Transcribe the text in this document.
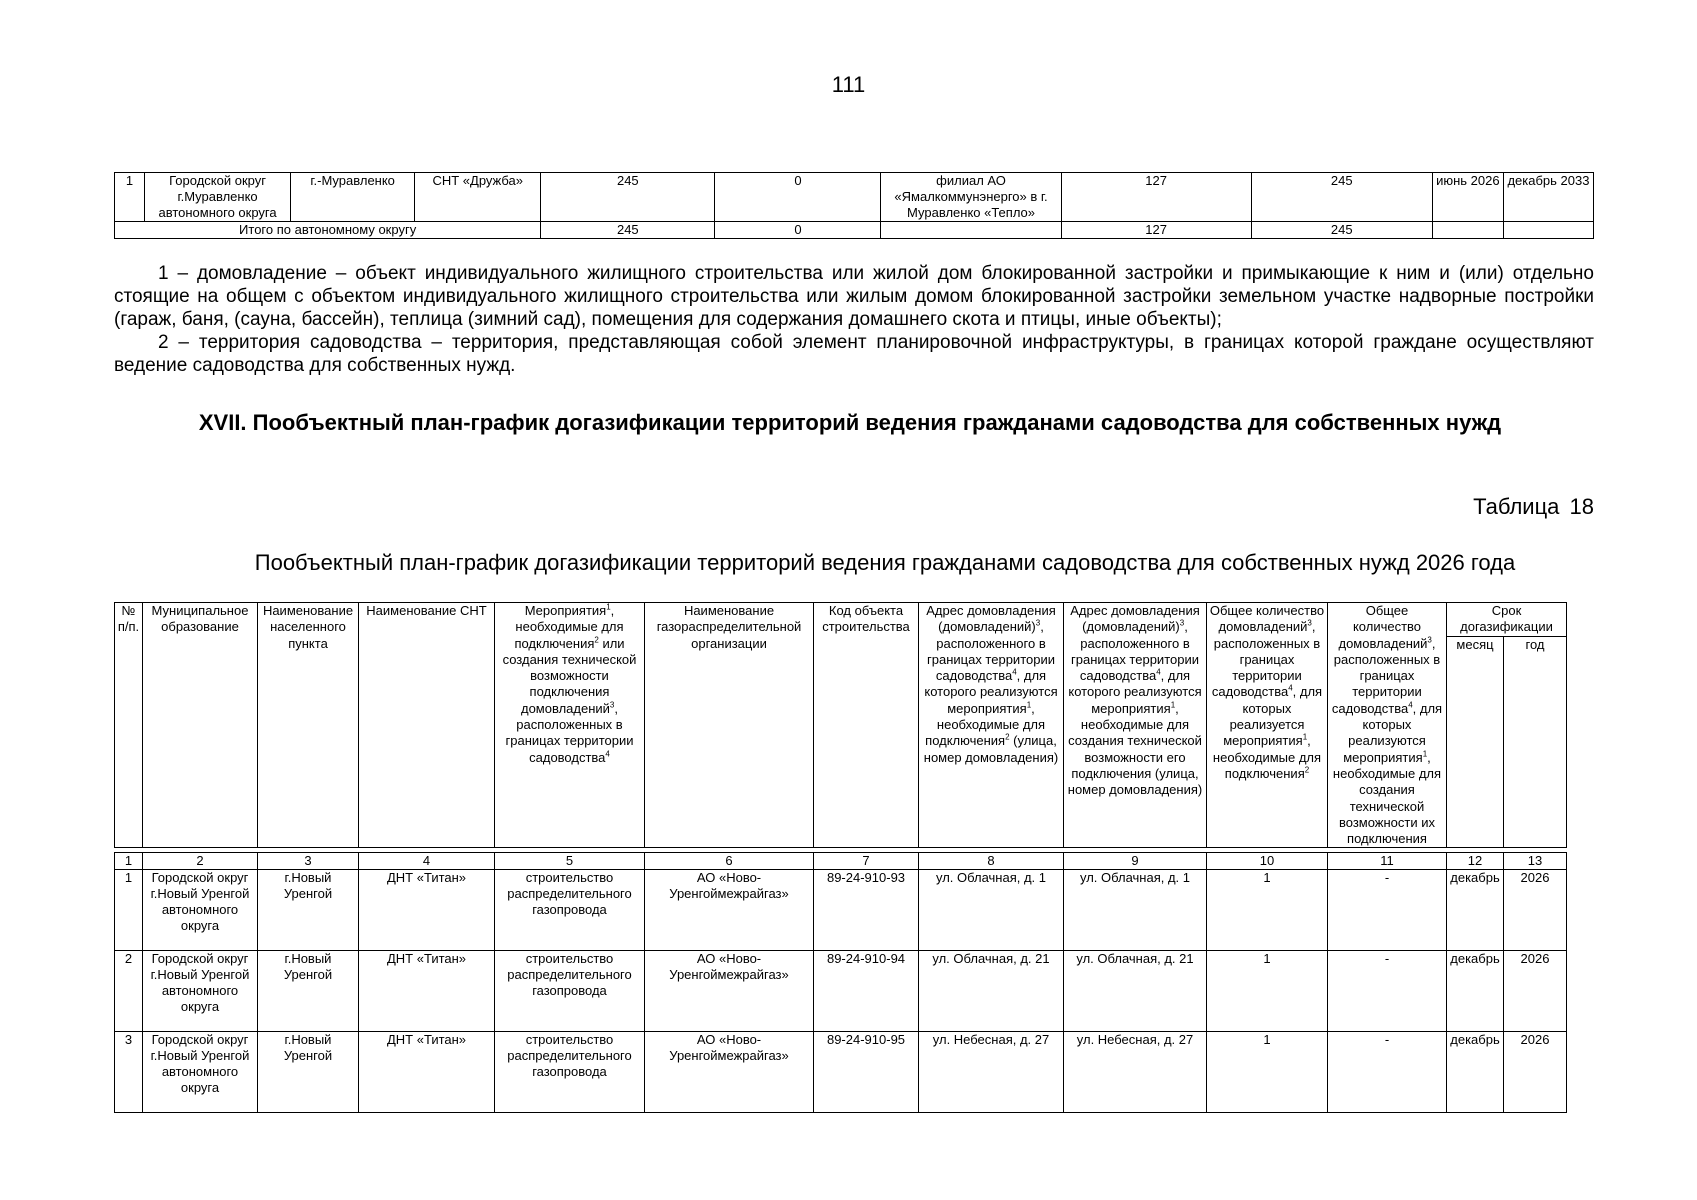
111
1	Городской округ г.Муравленко автономного округа	г.-Муравленко	СНТ «Дружба»	245	0	филиал АО «Ямалкоммунэнерго» в г. Муравленко «Тепло»	127	245	июнь 2026	декабрь 2033
Итого по автономному округу				245	0		127	245		

1 – домовладение – объект индивидуального жилищного строительства или жилой дом блокированной застройки и примыкающие к ним и (или) отдельно стоящие на общем с объектом индивидуального жилищного строительства или жилым домом блокированной застройки земельном участке надворные постройки (гараж, баня, (сауна, бассейн), теплица (зимний сад), помещения для содержания домашнего скота и птицы, иные объекты);

2 – территория садоводства – территория, представляющая собой элемент планировочной инфраструктуры, в границах которой граждане осуществляют ведение садоводства для собственных нужд.

XVII. Пообъектный план-график догазификации территорий ведения гражданами садоводства для собственных нужд
Таблица 18
Пообъектный план-график догазификации территорий ведения гражданами садоводства для собственных нужд 2026 года
№ п/п.	Муниципальное образование	Наименование населенного пункта	Наименование СНТ	Мероприятия$^1$, необходимые для подключения$^2$ или создания технической возможности подключения домовладений$^3$, расположенных в границах территории садоводства$^4$	Наименование газораспределительной организации	Код объекта строительства	Адрес домовладения (домовладений)$^3$, расположенного в границах территории садоводства$^4$, для которого реализуются мероприятия$^1$, необходимые для подключения$^2$ (улица, номер домовладения)	Адрес домовладения (домовладений)$^3$, расположенного в границах территории садоводства$^4$, для которого реализуются мероприятия$^1$, необходимые для создания технической возможности его подключения (улица, номер домовладения)	Общее количество домовладений$^3$, расположенных в границах территории садоводства$^4$, для которых реализуется мероприятия$^1$, необходимые для подключения$^2$	Общее количество домовладений$^3$, расположенных в границах территории садоводства$^4$, для которых реализуются мероприятия$^1$, необходимые для создания технической возможности их подключения	Срок догазификации	
											месяц	год

1	2	3	4	5	6	7	8	9	10	11	12	13
1	Городской округ г.Новый Уренгой автономного округа	г.Новый Уренгой	ДНТ «Титан»	строительство распределительного газопровода	АО «Ново-Уренгоймежрайгаз»	89-24-910-93	ул. Облачная, д. 1	ул. Облачная, д. 1	1	-	декабрь	2026
2	Городской округ г.Новый Уренгой автономного округа	г.Новый Уренгой	ДНТ «Титан»	строительство распределительного газопровода	АО «Ново-Уренгоймежрайгаз»	89-24-910-94	ул. Облачная, д. 21	ул. Облачная, д. 21	1	-	декабрь	2026
3	Городской округ г.Новый Уренгой автономного округа	г.Новый Уренгой	ДНТ «Титан»	строительство распределительного газопровода	АО «Ново-Уренгоймежрайгаз»	89-24-910-95	ул. Небесная, д. 27	ул. Небесная, д. 27	1	-	декабрь	2026
